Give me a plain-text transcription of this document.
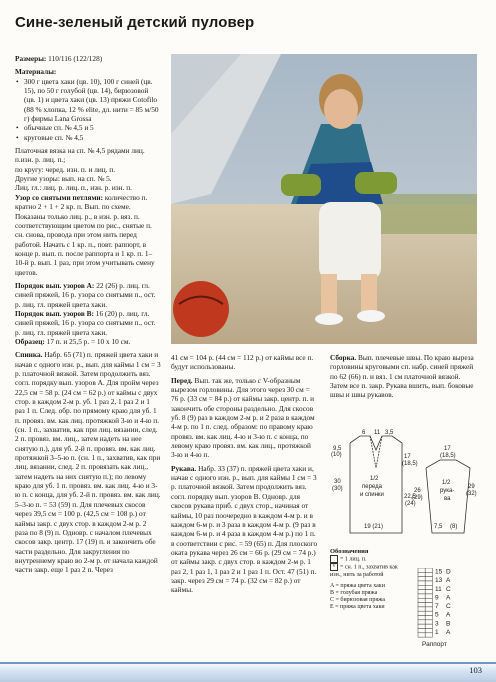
Сине-зеленый детский пуловер

Размеры: 110/116 (122/128)

Материалы:

• 300 г цвета хаки (цв. 10), 100 г синей (цв. 15), по 50 г голубой (цв. 14), бирюзовой (цв. 1) и цвета хаки (цв. 13) пряжи Cotofilo (88 % хлопка, 12 % elite, дл. нити = 85 м/50 г) фирмы Lana Grossa
• обычные сп. № 4,5 и 5
• круговые сп. № 4,5

Платочная вязка на сп. № 4,5 рядами лиц. п.изн. р. лиц. п.;

по кругу: черед. изн. п. и лиц. п.

Другие узоры: вып. на сп. № 5.

Лиц. гл.: лиц. р. лиц. п., изн. р. изн. п.

Узор со снятыми петлями: количество п. кратно 2 + 1 + 2 кр. п. Вып. по схеме. Показаны только лиц. р., в изн. р. вяз. п. соответствующим цветом по рис., снятые п. сн. снова, провода при этом нить перед работой. Начать с 1 кр. п., повт. раппорт, в конце р. вып. п. после раппорта и 1 кр. п. 1–10-й р. вып. 1 раз, при этом учитывать смену цветов.

Порядок вып. узоров А: 22 (26) р. лиц. гл. синей пряжей, 16 р. узора со снятыми п., ост. р. лиц. гл. пряжей цвета хаки.

Порядок вып. узоров В: 16 (20) р. лиц. гл. синей пряжей, 16 р. узора со снятыми п., ост. р. лиц. гл. пряжей цвета хаки.

Образец: 17 п. и 25,5 р. = 10 х 10 см.

Спинка. Набр. 65 (71) п. пряжей цвета хаки и начав с одного изн. р., вып. для каймы 1 см = 3 р. платочной вязкой. Затем продолжить вяз. согл. порядку вып. узоров А. Для пройм через 22,5 см = 58 р. (24 см = 62 р.) от каймы с двух стор. в каждом 2-м р. уб. 1 раз 2, 1 раз 2 и 1 раз 1 п. След. обр. по прямому краю для уб. 1 п. провяз. вм. как лиц. протяжкой 3-ю и 4-ю п. (сн. 1 п., захватив, как при лиц. вязании, след. 2 п. провяз. вм. лиц., затем надеть на нее снятую п.), для уб. 2-й п. провяз. вм. как лиц. протяжкой 3–5-ю п. (сн. 1 п., захватив, как при лиц. вязании, след. 2 п. провязать как лиц., затем надеть на них снятую п.); по левому краю для уб. 1 п. провяз. вм. как лиц. 4-ю и 3-ю п. с конца, для уб. 2-й п. провяз. вм. как лиц. 5–3-ю п. = 53 (59) п. Для плечевых скосов через 39,5 см = 100 р. (42,5 см = 108 р.) от каймы закр. с двух стор. в каждом 2-м р. 2 раза по 8 (9) п. Одновр. с началом плечевых скосов закр. центр. 17 (19) п. и закончить обе части раздельно. Для закругления по внутреннему краю во 2-м р. от начала каждой части закр. еще 1 раз 2 п. Через

41 см = 104 р. (44 см = 112 р.) от каймы все п. будут использованы.

Перед. Вып. так же, только с V-образным вырезом горловины. Для этого через 30 см = 76 р. (33 см = 84 р.) от каймы закр. центр. п. и закончить обе стороны раздельно. Для скосов уб. 8 (9) раз в каждом 2-м р. и 2 раза в каждом 4-м р. по 1 п. след. образом: по правому краю провяз. вм. как лиц. 4-ю и 3-ю п. с конца, по левому краю провяз. вм. как лиц., протяжкой 3-ю и 4-ю п.

Рукава. Набр. 33 (37) п. пряжей цвета хаки и, начав с одного изн. р., вып. для каймы 1 см = 3 р. платочной вязкой. Затем продолжить вяз. согл. порядку вып. узоров В. Одновр. для скосов рукава приб. с двух стор., начиная от каймы, 10 раз поочередно в каждом 4-м р. и в каждом 6-м р. и 3 раза в каждом 4-м р. (9 раз в каждом 6-м р. и 4 раза в каждом 4-м р.) по 1 п. в соответствии с рис. = 59 (65) п. Для плоского оката рукава через 26 см = 66 р. (29 см = 74 р.) от каймы закр. с двух стор. в каждом 2-м р. 1 раз 2, 1 раз 1, 1 раз 2 и 1 раз 1 п. Ост. 47 (51) п. закр. через 29 см = 74 р. (32 см = 82 р.) от каймы.

Сборка. Вып. плечевые швы. По краю выреза горловины круговыми сп. набр. синей пряжей по 62 (66) п. и вяз. 1 см платочной вязкой. Затем все п. закр. Рукава вшить, вып. боковые швы и швы рукавов.

6 11 3,5
9,5
(10)
30
(30)
17
(18,5)
22,5
(24)
1/2
переда
и спинки
19 (21)
17
(18,5)
26
(29)
1/2
рука-
ва
29
(32)
7,5 (8)

Обозначения

= 1 лиц. п.

V = сн. 1 п., захватив как изн., нить за работой

A = пряжа цвета хаки

B = голубая пряжа

C = бирюзовая пряжа

E = пряжа цвета хаки

15 D
13 A
11 C
9 A
7 C
5 A
3 B
1 A
Раппорт
103
